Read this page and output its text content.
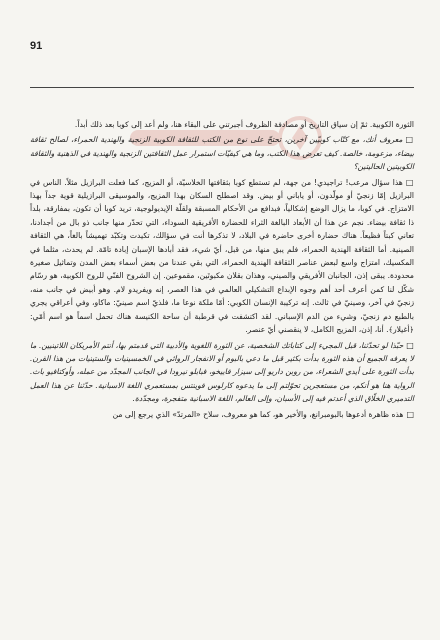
91

الثورة الكوبية. ثمّ إن سياق التاريخ أو مصادفة الظروف أجبرتني على البقاء هنا، ولم أعد إلى كوبا بعد ذلك أبداً.

□معروف أنك، مع كتّاب كوبيّين آخرين، تحتجّ على نوع من الكتب للثقافة الكوبية الزنجية والهندية الحمراء، لصالح ثقافة بيضاء، مزعومة، خالصة. كيف تعرض هذا الكتب، وما هي كيفيّات استمرار عمل الثقافتين الزنجية والهندية في الذهنية والثقافة الكوبيتين الحاليتين؟

□هذا سؤال مرعب! تراجيدي! من جهة، لم تستطع كوبا بثقافتها الخلاسيّة، أو المزيج، كما فعلت البرازيل مثلاً. الناس في البرازيل إمّا زنجيّ أو مولّدون، أو ياباني أو بيض. وقد اصطلح السكان بهذا المزيج، والموسيقى البرازيلية قوية جداً بهذا الامتزاج. في كوبا، ما يزال الوضع إشكالياً، فبدافع من الأحكام المسبقة ولقلّة الإيديولوجية، تريد كوبا أن تكون، بمفارقة، بلداً ذا ثقافة بيضاء. نجم عن هذا أن الأبعاد البالغة الثراء للحضارة الأفريقية السوداء، التي تحدّر منها جانب ذو بال من أجدادنا، تعاني كبتاً فظيعاً. هناك حضارة أخرى حاضرة في البلاد، لا تذكرها أنت في سؤالك، تكيدت وتكبّد تهميشاً بالغاً، هي الثقافة الصينية. أما الثقافة الهندية الحمراء، فلم يبق منها، من قبل، أيّ شيء، فقد أبادها الإسبان إبادة تامّة. لم يحدث، مثلما في المكسيك، امتزاج واسع لبعض عناصر الثقافة الهندية الحمراء، التي بقي عندنا من بعض أسماء بعض المدن وتماثيل صغيرة محدودة. يبقى إذن، الجانبان الأفريقي والصيني، وهذان بقلان مكبوتَين، مقموعين. إن الشروح الفنّي للروح الكوبية، هو رسّام شكّل لنا كمن أعرف أحد أهم وجوه الإبداع التشكيلي العالمي في هذا العصر، إنه ويفريدو لام. وهو أبيض في جانب منه، زنجيّ في آخر، وصينيّ في ثالث. إنه تركيبة الإنسان الكوبي: أمّا ملكة نوعا ما، فلذيّ اسم صينيّ: ماكاو، وفي أعراقي يجري بالطبع دم زنجيّ، وشيء من الدم الإسباني. لقد اكتشفت في قرطبة أن ساحة الكنيسة هناك تحمل اسماً هو اسم أمّي: ﴿أغيلار﴾. أنا، إذن، المزيج الكامل، لا ينقصني أيّ عنصر.

□حبّذا لو تحدّثنا، قبل المجيء إلى كتاباتك الشخصية، عن الثورة اللغوية والأدبية التي قدمتم بها، أنتم الأمريكان اللاتينيين. ما لا يعرفه الجميع أن هذه الثورة بدأت بكثير قبل ما دعي بالبوم أو الانفجار الروائي في الخمسينيات والستينيات من هذا القرن. بدأت الثورة على أيدي الشعراء، من روبن داريو إلى سيزار فاييخو، فبابلو نيرودا في الجانب المجدّد من عمله، وأوكتافيو باث. الرواية هنا هو أنكم، من مستعجرين تحوّلتم إلى ما يدعوه كارلوس فوينتس بمستعمري اللغة الاسبانية. حدّثنا عن هذا العمل التدميري الخلّاق الذي أعدتم فيه إلى الأسبان، وإلى العالم، اللغة الاسبانية متفجرة، ومجدّدة.

□هذه ظاهرة أدعوها بالبومبرانغ، والأخير هو، كما هو معروف، سلاح «المرتدّ» الذي يرجع إلى من
